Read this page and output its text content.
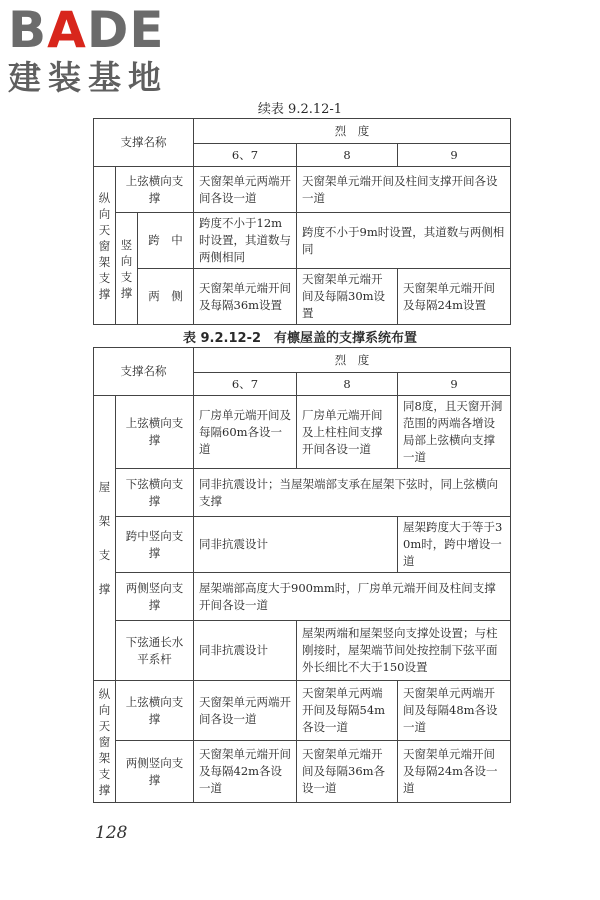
BADE
建装基地
续表 9.2.12-1
支撑名称			烈　度		
			6、7	8	9

纵向天窗架支撑	上弦横向支撑		天窗架单元两端开间各设一道	天窗架单元端开间及柱间支撑开间各设一道	

	竖向支撑	跨　中	跨度不小于12m时设置，其道数与两侧相同	跨度不小于9m时设置，其道数与两侧相同	
		两　侧	天窗架单元端开间及每隔36m设置	天窗架单元端开间及每隔30m设置	天窗架单元端开间及每隔24m设置
表 9.2.12-2　有檩屋盖的支撑系统布置
支撑名称		烈　度		
		6、7	8	9

屋架支撑	上弦横向支撑	厂房单元端开间及每隔60m各设一道	厂房单元端开间及上柱柱间支撑开间各设一道	同8度，且天窗开洞范围的两端各增设局部上弦横向支撑一道
	下弦横向支撑	同非抗震设计；当屋架端部支承在屋架下弦时，同上弦横向支撑		
	跨中竖向支撑	同非抗震设计		屋架跨度大于等于30m时，跨中增设一道
	两侧竖向支撑	屋架端部高度大于900mm时，厂房单元端开间及柱间支撑开间各设一道		
	下弦通长水平系杆	同非抗震设计	屋架两端和屋架竖向支撑处设置；与柱刚接时，屋架端节间处按控制下弦平面外长细比不大于150设置	

纵向天窗架支撑	上弦横向支撑	天窗架单元两端开间各设一道	天窗架单元两端开间及每隔54m各设一道	天窗架单元两端开间及每隔48m各设一道
	两侧竖向支撑	天窗架单元端开间及每隔42m各设一道	天窗架单元端开间及每隔36m各设一道	天窗架单元端开间及每隔24m各设一道
128
